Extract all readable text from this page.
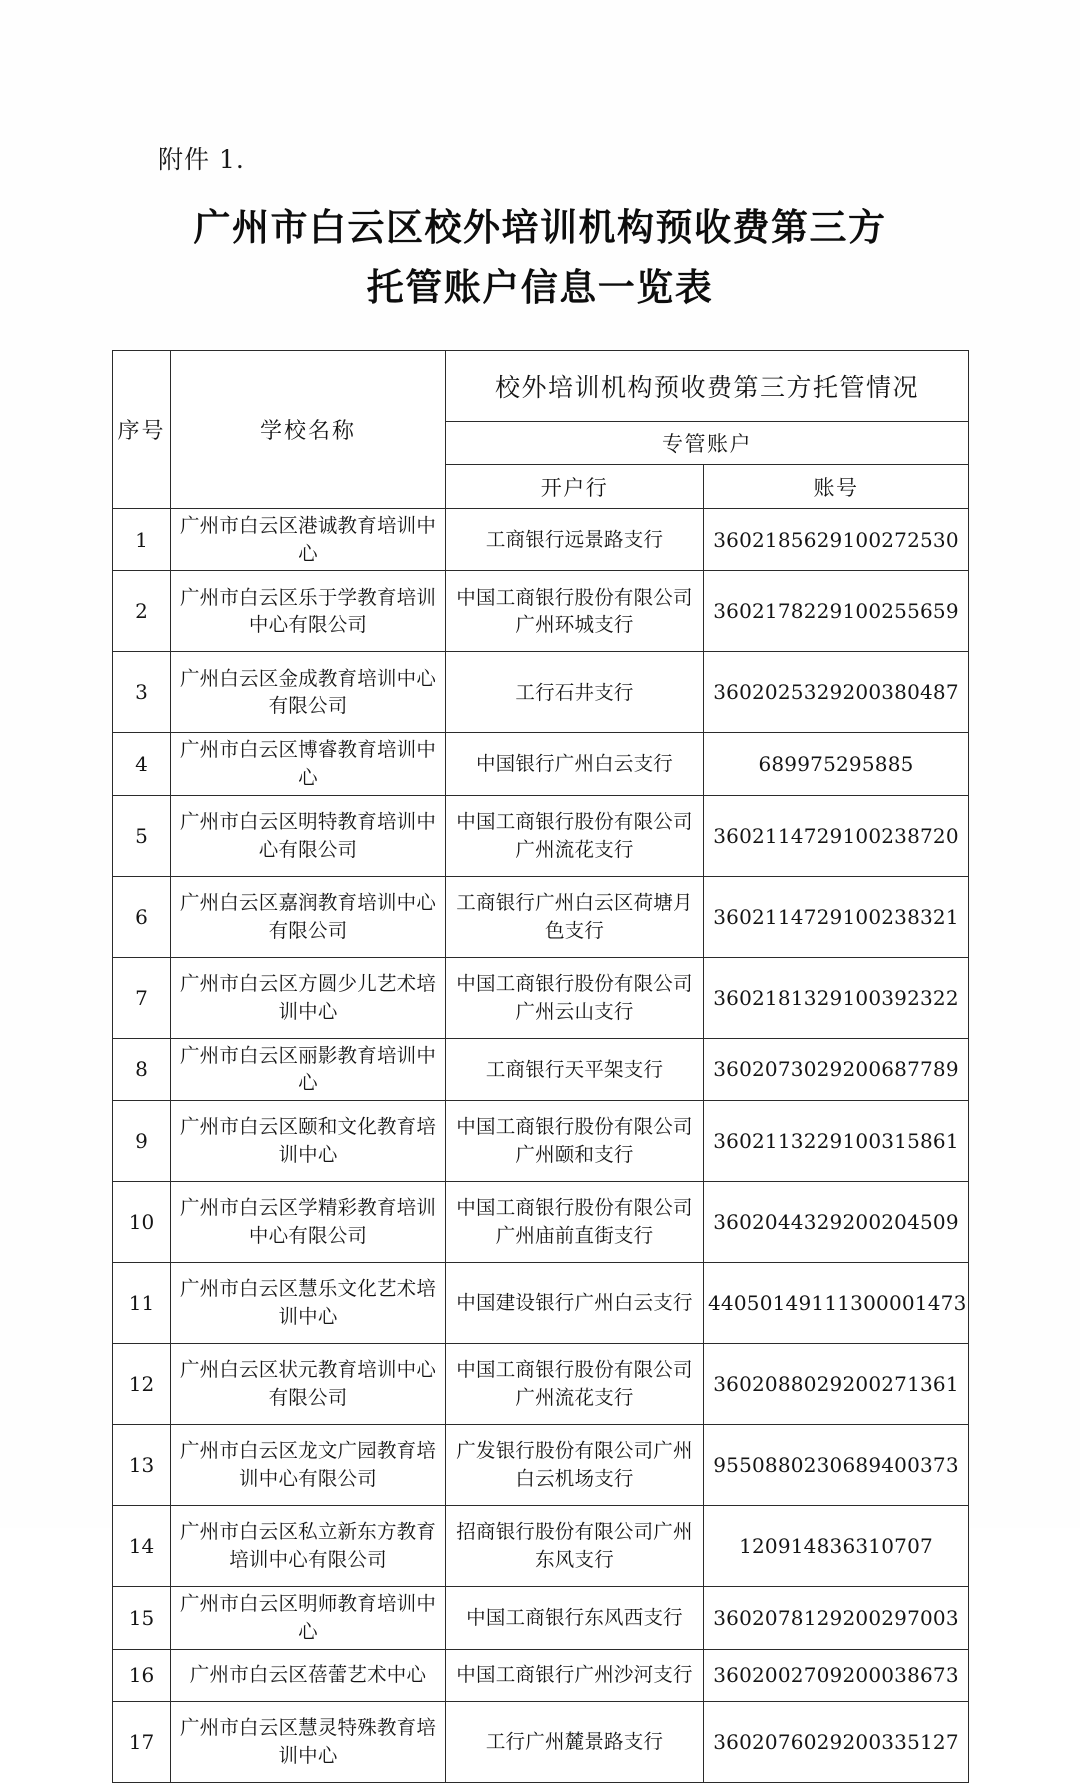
附件 1.
广州市白云区校外培训机构预收费第三方
托管账户信息一览表
序号	学校名称	校外培训机构预收费第三方托管情况	
		专管账户	
		开户行	账号
1	广州市白云区港诚教育培训中心	工商银行远景路支行	3602185629100272530
2	广州市白云区乐于学教育培训中心有限公司	中国工商银行股份有限公司广州环城支行	3602178229100255659
3	广州白云区金成教育培训中心有限公司	工行石井支行	3602025329200380487
4	广州市白云区博睿教育培训中心	中国银行广州白云支行	689975295885
5	广州市白云区明特教育培训中心有限公司	中国工商银行股份有限公司广州流花支行	3602114729100238720
6	广州白云区嘉润教育培训中心有限公司	工商银行广州白云区荷塘月色支行	3602114729100238321
7	广州市白云区方圆少儿艺术培训中心	中国工商银行股份有限公司广州云山支行	3602181329100392322
8	广州市白云区丽影教育培训中心	工商银行天平架支行	3602073029200687789
9	广州市白云区颐和文化教育培训中心	中国工商银行股份有限公司广州颐和支行	3602113229100315861
10	广州市白云区学精彩教育培训中心有限公司	中国工商银行股份有限公司广州庙前直街支行	3602044329200204509
11	广州市白云区慧乐文化艺术培训中心	中国建设银行广州白云支行	44050149111300001473
12	广州白云区状元教育培训中心有限公司	中国工商银行股份有限公司广州流花支行	3602088029200271361
13	广州市白云区龙文广园教育培训中心有限公司	广发银行股份有限公司广州白云机场支行	9550880230689400373
14	广州市白云区私立新东方教育培训中心有限公司	招商银行股份有限公司广州东风支行	120914836310707
15	广州市白云区明师教育培训中心	中国工商银行东风西支行	3602078129200297003
16	广州市白云区蓓蕾艺术中心	中国工商银行广州沙河支行	3602002709200038673
17	广州市白云区慧灵特殊教育培训中心	工行广州麓景路支行	3602076029200335127
